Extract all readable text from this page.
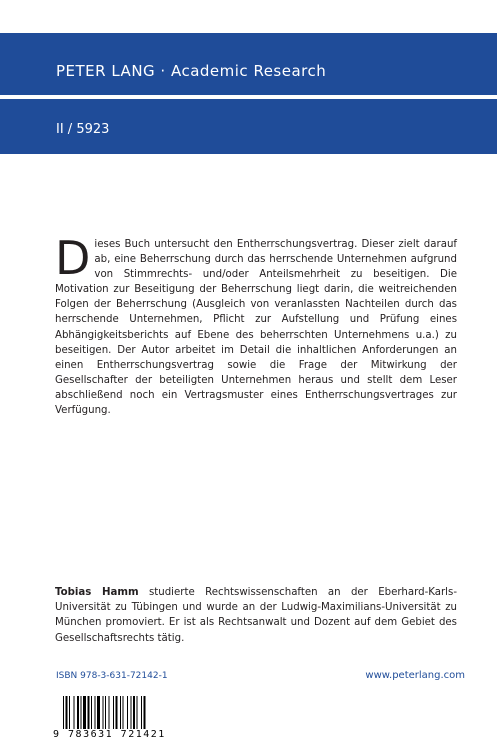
PETER LANG · Academic Research
II / 5923
Dieses Buch untersucht den Entherrschungsvertrag. Dieser zielt darauf ab, eine Beherrschung durch das herrschende Unternehmen aufgrund von Stimmrechts- und/oder Anteilsmehrheit zu beseitigen. Die Motivation zur Beseitigung der Beherrschung liegt darin, die weitreichenden Folgen der Beherrschung (Ausgleich von veranlassten Nachteilen durch das herrschende Unternehmen, Pflicht zur Aufstellung und Prüfung eines Abhängigkeitsberichts auf Ebene des beherrschten Unternehmens u.a.) zu beseitigen. Der Autor arbeitet im Detail die inhaltlichen Anforderungen an einen Entherrschungsvertrag sowie die Frage der Mitwirkung der Gesellschafter der beteiligten Unternehmen heraus und stellt dem Leser abschließend noch ein Vertragsmuster eines Entherrschungsvertrages zur Verfügung.
Tobias Hamm studierte Rechtswissenschaften an der Eberhard-Karls-Universität zu Tübingen und wurde an der Ludwig-Maximilians-Universität zu München promoviert. Er ist als Rechtsanwalt und Dozent auf dem Gebiet des Gesellschaftsrechts tätig.
ISBN 978-3-631-72142-1	www.peterlang.com
9 783631 721421
